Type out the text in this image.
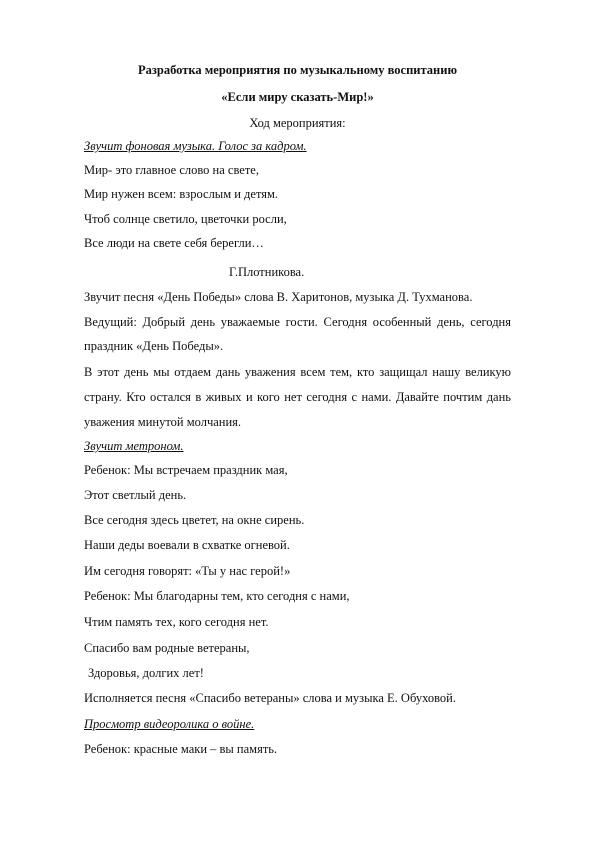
Разработка мероприятия по музыкальному воспитанию
«Если миру сказать-Мир!»
Ход мероприятия:
Звучит фоновая музыка. Голос за кадром.
Мир- это главное слово на свете,
Мир нужен всем: взрослым и детям.
Чтоб солнце светило, цветочки росли,
Все люди на свете себя берегли…
Г.Плотникова.
Звучит песня «День Победы» слова В. Харитонов, музыка Д. Тухманова.
Ведущий: Добрый день уважаемые гости. Сегодня особенный день, сегодня
праздник «День Победы».
В этот день мы отдаем дань уважения всем тем, кто защищал нашу великую
страну. Кто остался в живых и кого нет сегодня с нами. Давайте почтим дань
уважения минутой молчания.
Звучит метроном.
Ребенок: Мы встречаем праздник мая,
Этот светлый день.
Все сегодня здесь цветет, на окне сирень.
Наши деды воевали в схватке огневой.
Им сегодня говорят: «Ты у нас герой!»
Ребенок: Мы благодарны тем, кто сегодня с нами,
Чтим память тех, кого сегодня нет.
Спасибо вам родные ветераны,
Здоровья, долгих лет!
Исполняется песня «Спасибо ветераны» слова и музыка Е. Обуховой.
Просмотр видеоролика о войне.
Ребенок: красные маки – вы память.
